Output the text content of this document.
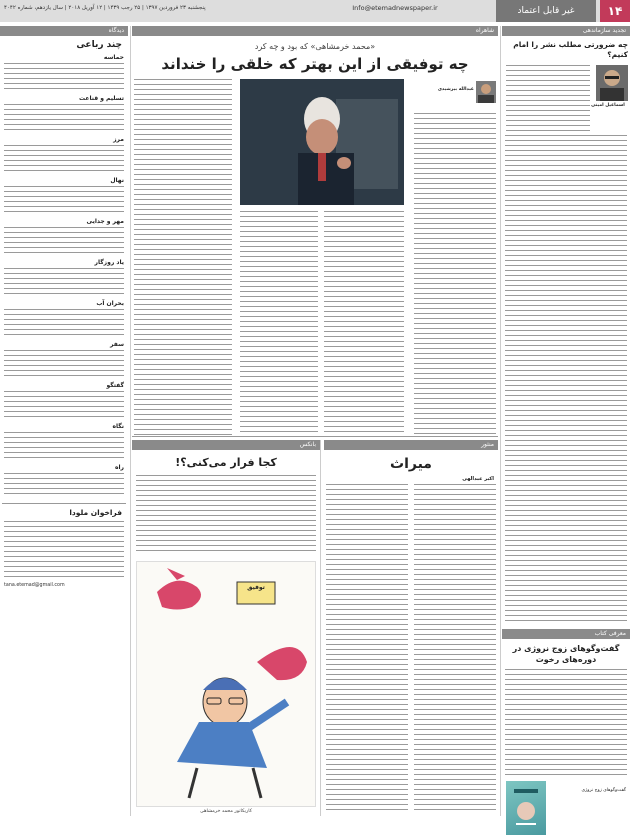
۱۴
غیر قابل اعتماد
Info@etemadnewspaper.ir
پنجشنبه ۲۳ فروردین ۱۳۹۷ | ۲۵ رجب ۱۴۳۹ | ۱۲ آوریل ۲۰۱۸ | سال یازدهم، شماره ۴۰۴۲
تجدید سازماندهی
چه ضرورتی مطلب نشر را امام کنیم؟
اسماعیل امینی
معرفی کتاب
گفت‌وگوهای زوج نروژی در دوره‌های رخوت
گفت‌وگوهای زوج نروژی
شاهراه
«محمد خرمشاهی» که بود و چه کرد
چه توفیقی از این بهتر که خلقی را خنداند
عبدالله بیرشیدی
منثور
میراث
اکبر عبدالهی
بانکس
کجا فرار می‌کنی؟!
توفیق
کاریکاتور محمد خرمشاهی
دیدگاه
چند رباعی
حماسه
تسلیم و قناعت
مرز
نهال
مهر و جدایی
یاد روزگار
بحران آب
سفر
گفتگو
نگاه
راه
فراخوان ملودا
tana.etemad@gmail.com
